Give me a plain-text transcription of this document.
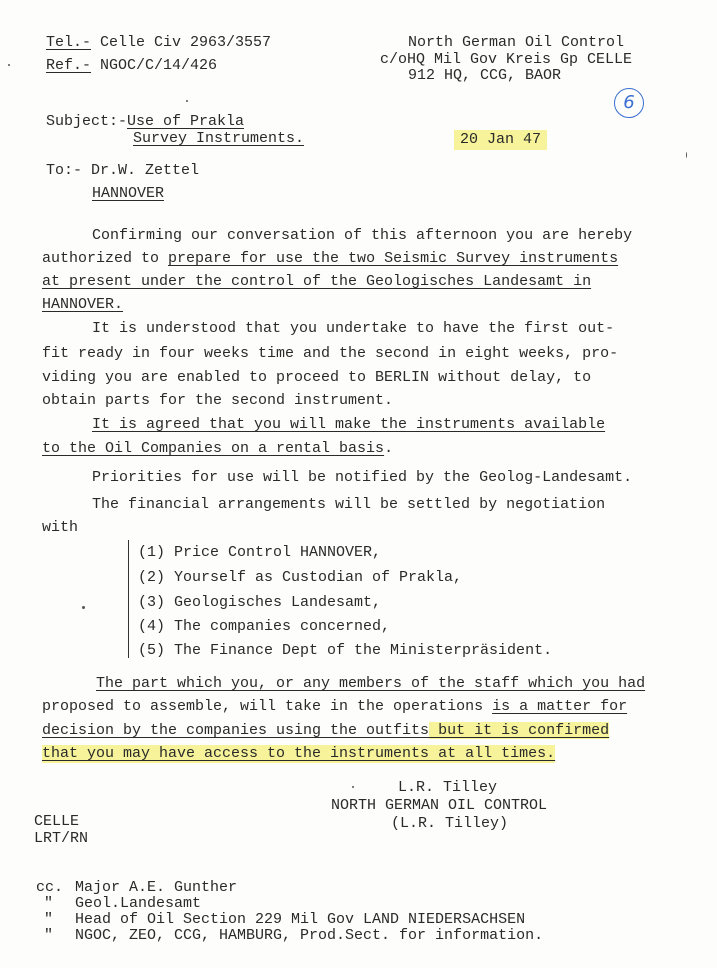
Tel.- Celle Civ 2963/3557
Ref.- NGOC/C/14/426
North German Oil Control
c/oHQ Mil Gov Kreis Gp CELLE
912 HQ, CCG, BAOR
6
Subject:-Use of Prakla
Survey Instruments.	20 Jan 47
To:- Dr.W. Zettel
HANNOVER
Confirming our conversation of this afternoon you are hereby
authorized to prepare for use the two Seismic Survey instruments
at present under the control of the Geologisches Landesamt in
HANNOVER.
It is understood that you undertake to have the first out-
fit ready in four weeks time and the second in eight weeks, pro-
viding you are enabled to proceed to BERLIN without delay, to
obtain parts for the second instrument.
It is agreed that you will make the instruments available
to the Oil Companies on a rental basis.
Priorities for use will be notified by the Geolog-Landesamt.
The financial arrangements will be settled by negotiation
with
(1) Price Control HANNOVER,
(2) Yourself as Custodian of Prakla,
(3) Geologisches Landesamt,
(4) The companies concerned,
(5) The Finance Dept of the Ministerpräsident.
The part which you, or any members of the staff which you had
proposed to assemble, will take in the operations is a matter for
decision by the companies using the outfits but it is confirmed
that you may have access to the instruments at all times.
L.R. Tilley
NORTH GERMAN OIL CONTROL
(L.R. Tilley)
CELLE
LRT/RN
cc. Major A.E. Gunther
" Geol.Landesamt
" Head of Oil Section 229 Mil Gov LAND NIEDERSACHSEN
" NGOC, ZEO, CCG, HAMBURG, Prod.Sect. for information.
